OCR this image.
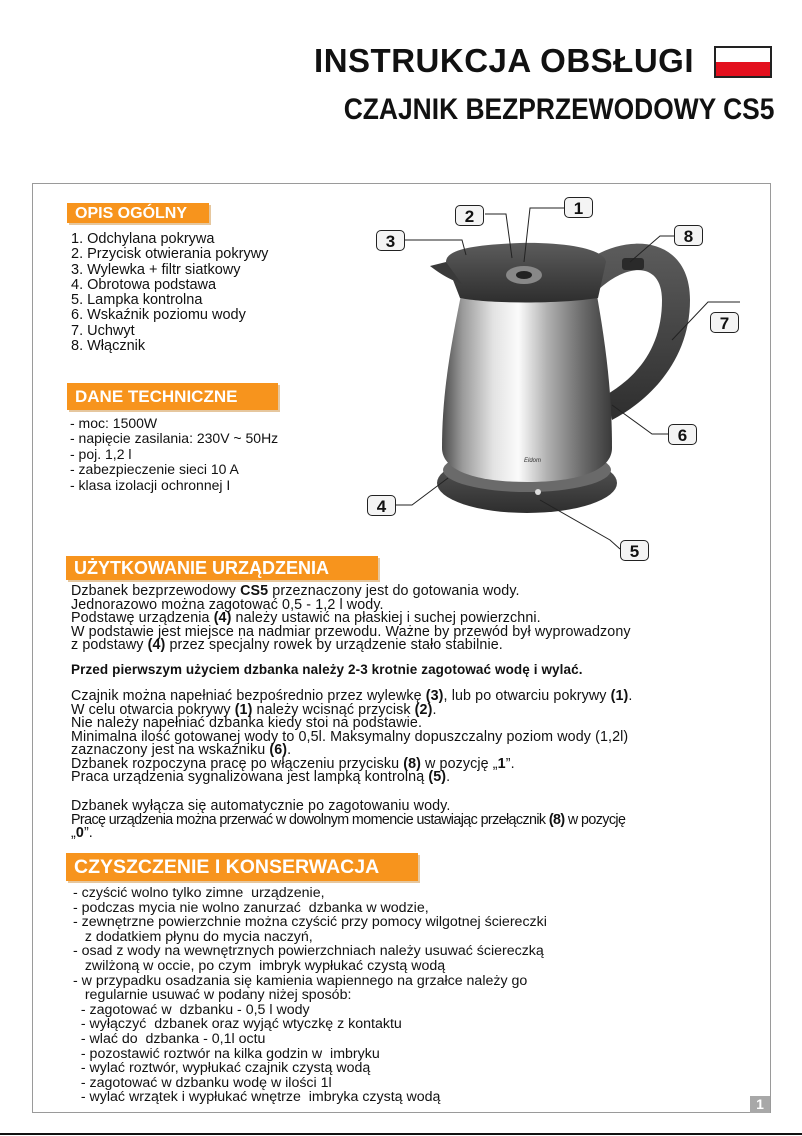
INSTRUKCJA OBSŁUGI
CZAJNIK BEZPRZEWODOWY CS5
OPIS OGÓLNY
1. Odchylana pokrywa
2. Przycisk otwierania pokrywy
3. Wylewka + filtr siatkowy
4. Obrotowa podstawa
5. Lampka kontrolna
6. Wskaźnik poziomu wody
7. Uchwyt
8. Włącznik
DANE TECHNICZNE
- moc: 1500W
- napięcie zasilania: 230V ~ 50Hz
- poj. 1,2 l
- zabezpieczenie sieci 10 A
- klasa izolacji ochronnej I
Eldom
1
2
3
4
5
6
7
8
UŻYTKOWANIE URZĄDZENIA

Dzbanek bezprzewodowy CS5 przeznaczony jest do gotowania wody.

Jednorazowo można zagotować 0,5 - 1,2 l wody.

Podstawę urządzenia (4) należy ustawić na płaskiej i suchej powierzchni.

W podstawie jest miejsce na nadmiar przewodu. Ważne by przewód był wyprowadzony

z podstawy (4) przez specjalny rowek by urządzenie stało stabilnie.

Przed pierwszym użyciem dzbanka należy 2-3 krotnie zagotować wodę i wylać.

Czajnik można napełniać bezpośrednio przez wylewkę (3), lub po otwarciu pokrywy (1).

W celu otwarcia pokrywy (1) należy wcisnąć przycisk (2).

Nie należy napełniać dzbanka kiedy stoi na podstawie.

Minimalna ilość gotowanej wody to 0,5l. Maksymalny dopuszczalny poziom wody (1,2l)

zaznaczony jest na wskaźniku (6).

Dzbanek rozpoczyna pracę po włączeniu przycisku (8) w pozycję „1”.

Praca urządzenia sygnalizowana jest lampką kontrolną (5).

Dzbanek wyłącza się automatycznie po zagotowaniu wody.

Pracę urządzenia można przerwać w dowolnym momencie ustawiając przełącznik (8) w pozycję

„0”.

CZYSZCZENIE I KONSERWACJA
- czyścić wolno tylko zimne  urządzenie,
- podczas mycia nie wolno zanurzać  dzbanka w wodzie,
- zewnętrzne powierzchnie można czyścić przy pomocy wilgotnej ściereczki
z dodatkiem płynu do mycia naczyń,
- osad z wody na wewnętrznych powierzchniach należy usuwać ściereczką
zwilżoną w occie, po czym  imbryk wypłukać czystą wodą
- w przypadku osadzania się kamienia wapiennego na grzałce należy go
regularnie usuwać w podany niżej sposób:
- zagotować w  dzbanku - 0,5 l wody
- wyłączyć  dzbanek oraz wyjąć wtyczkę z kontaktu
- wlać do  dzbanka - 0,1l octu
- pozostawić roztwór na kilka godzin w  imbryku
- wylać roztwór, wypłukać czajnik czystą wodą
- zagotować w dzbanku wodę w ilości 1l
- wylać wrzątek i wypłukać wnętrze  imbryka czystą wodą	1
